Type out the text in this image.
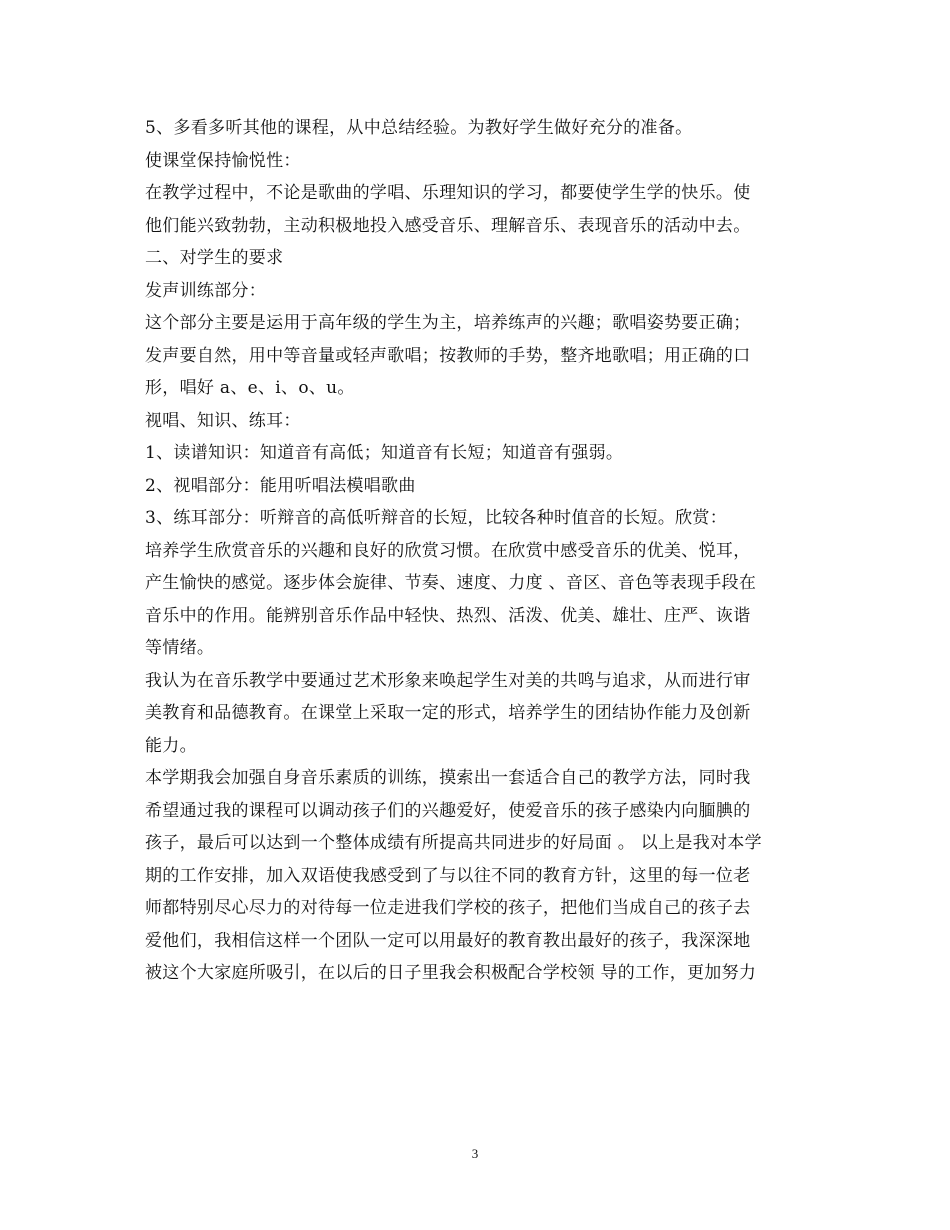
5、多看多听其他的课程，从中总结经验。为教好学生做好充分的准备。
使课堂保持愉悦性：
在教学过程中，不论是歌曲的学唱、乐理知识的学习，都要使学生学的快乐。使
他们能兴致勃勃，主动积极地投入感受音乐、理解音乐、表现音乐的活动中去。
二、对学生的要求
发声训练部分：
这个部分主要是运用于高年级的学生为主，培养练声的兴趣；歌唱姿势要正确；
发声要自然，用中等音量或轻声歌唱；按教师的手势，整齐地歌唱；用正确的口
形，唱好 a、e、i、o、u。
视唱、知识、练耳：
1、读谱知识：知道音有高低；知道音有长短；知道音有强弱。
2、视唱部分：能用听唱法模唱歌曲
3、练耳部分：听辩音的高低听辩音的长短，比较各种时值音的长短。欣赏：
培养学生欣赏音乐的兴趣和良好的欣赏习惯。在欣赏中感受音乐的优美、悦耳，
产生愉快的感觉。逐步体会旋律、节奏、速度、力度 、音区、音色等表现手段在
音乐中的作用。能辨别音乐作品中轻快、热烈、活泼、优美、雄壮、庄严、诙谐
等情绪。
我认为在音乐教学中要通过艺术形象来唤起学生对美的共鸣与追求，从而进行审
美教育和品德教育。在课堂上采取一定的形式，培养学生的团结协作能力及创新
能力。
本学期我会加强自身音乐素质的训练，摸索出一套适合自己的教学方法，同时我
希望通过我的课程可以调动孩子们的兴趣爱好，使爱音乐的孩子感染内向腼腆的
孩子，最后可以达到一个整体成绩有所提高共同进步的好局面 。 以上是我对本学
期的工作安排，加入双语使我感受到了与以往不同的教育方针，这里的每一位老
师都特别尽心尽力的对待每一位走进我们学校的孩子，把他们当成自己的孩子去
爱他们，我相信这样一个团队一定可以用最好的教育教出最好的孩子，我深深地
被这个大家庭所吸引，在以后的日子里我会积极配合学校领 导的工作，更加努力
3
